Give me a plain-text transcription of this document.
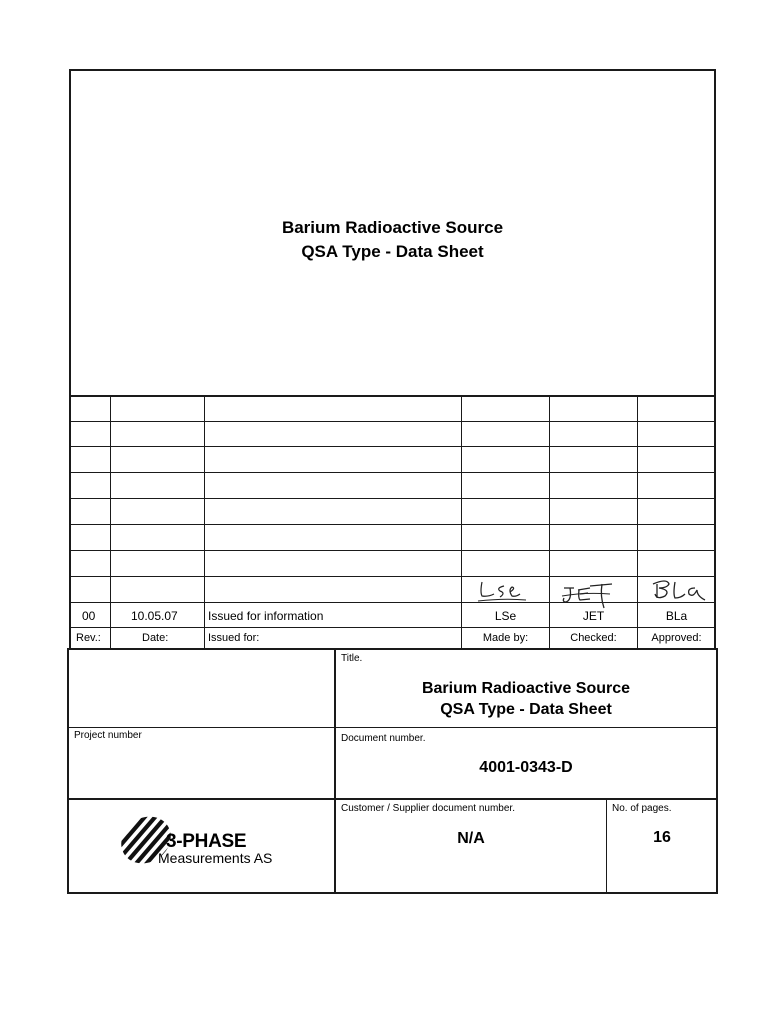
Barium Radioactive Source
QSA Type - Data Sheet
00	10.05.07	Issued for information	LSe	JET	BLa
Rev.:	Date:	Issued for:	Made by:	Checked:	Approved:
Title.
Barium Radioactive Source
QSA Type - Data Sheet
Project number	Document number.
4001-0343-D
Customer / Supplier document number.
N/A
No. of pages.
16
3-PHASE
Measurements AS
